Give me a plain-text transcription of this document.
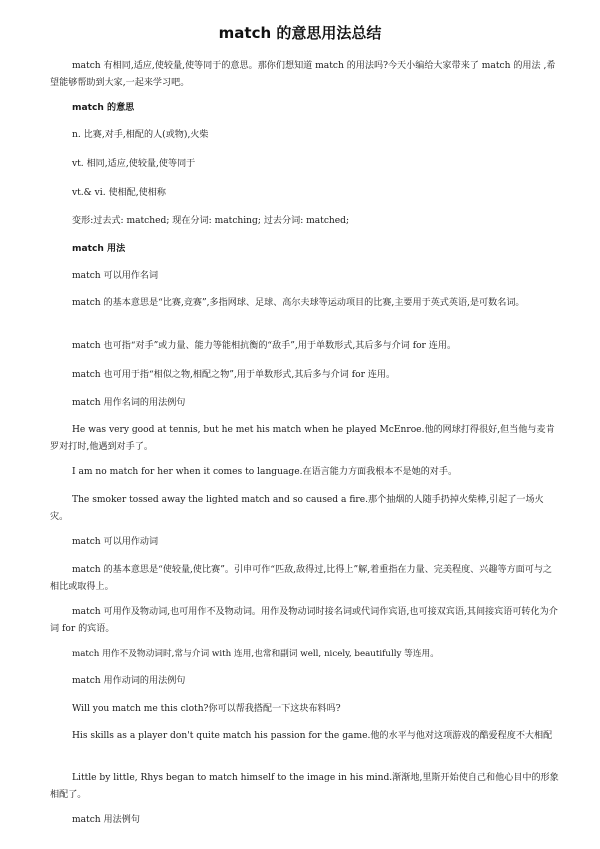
match 的意思用法总结

match 有相同,适应,使较量,使等同于的意思。那你们想知道 match 的用法吗?今天小编给大家带来了 match 的用法 ,希望能够帮助到大家,一起来学习吧。

match 的意思

n. 比赛,对手,相配的人(或物),火柴

vt. 相同,适应,使较量,使等同于

vt.& vi. 使相配,使相称

变形:过去式: matched; 现在分词: matching; 过去分词: matched;

match 用法

match 可以用作名词

match 的基本意思是“比赛,竞赛”,多指网球、足球、高尔夫球等运动项目的比赛,主要用于英式英语,是可数名词。

match 也可指“对手”或力量、能力等能相抗衡的“敌手”,用于单数形式,其后多与介词 for 连用。

match 也可用于指“相似之物,相配之物”,用于单数形式,其后多与介词 for 连用。

match 用作名词的用法例句

He was very good at tennis, but he met his match when he played McEnroe.他的网球打得很好,但当他与麦肯罗对打时,他遇到对手了。

I am no match for her when it comes to language.在语言能力方面我根本不是她的对手。

The smoker tossed away the lighted match and so caused a fire.那个抽烟的人随手扔掉火柴棒,引起了一场火灾。

match 可以用作动词

match 的基本意思是“使较量,使比赛”。引申可作“匹敌,敌得过,比得上”解,着重指在力量、完美程度、兴趣等方面可与之相比或取得上。

match 可用作及物动词,也可用作不及物动词。用作及物动词时接名词或代词作宾语,也可接双宾语,其间接宾语可转化为介词 for 的宾语。

match 用作不及物动词时,常与介词 with 连用,也常和副词 well, nicely, beautifully 等连用。

match 用作动词的用法例句

Will you match me this cloth?你可以帮我搭配一下这块布料吗?

His skills as a player don't quite match his passion for the game.他的水平与他对这项游戏的酷爱程度不大相配

Little by little, Rhys began to match himself to the image in his mind.渐渐地,里斯开始使自己和他心目中的形象相配了。

match 用法例句
